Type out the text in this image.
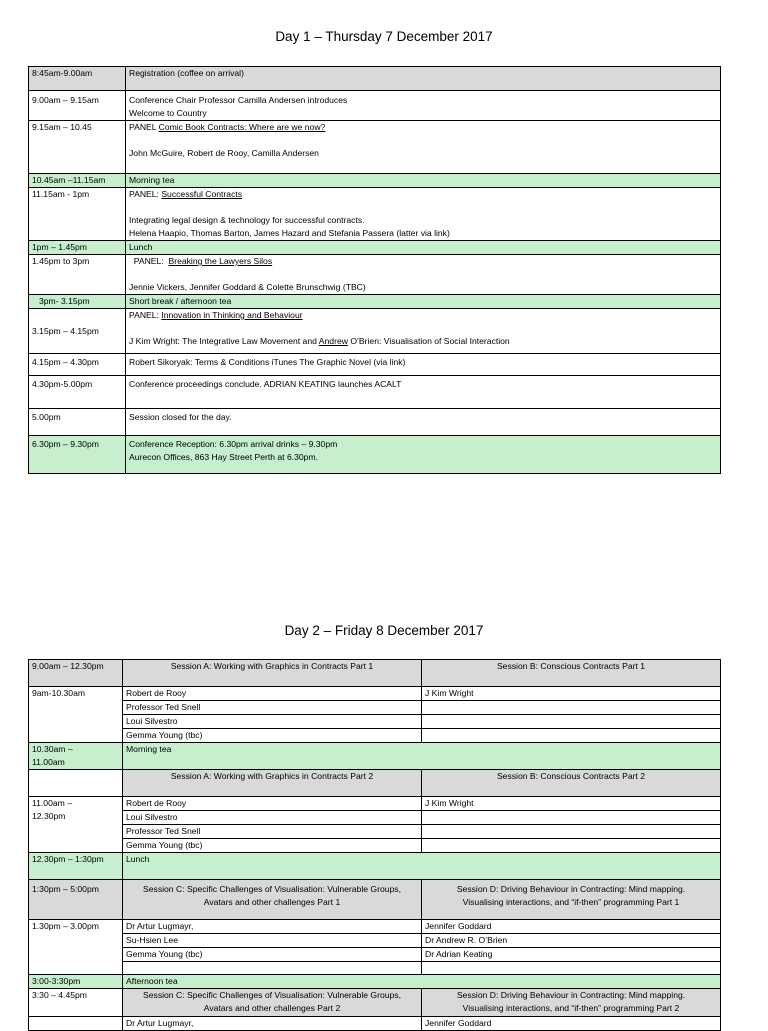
Day 1 – Thursday 7 December 2017
8:45am-9.00am	Registration (coffee on arrival)

9.00am – 9.15am	Conference Chair Professor Camilla Andersen introduces
Welcome to Country

9.15am – 10.45	PANEL Comic Book Contracts: Where are we now?
John McGuire, Robert de Rooy, Camilla Andersen

10.45am –11.15am	Morning tea
11.15am - 1pm	PANEL: Successful Contracts
Integrating legal design & technology for successful contracts.
Helena Haapio, Thomas Barton, James Hazard and Stefania Passera (latter via link)

1pm – 1.45pm	Lunch
1.45pm to 3pm	PANEL:  Breaking the Lawyers Silos
Jennie Vickers, Jennifer Goddard & Colette Brunschwig (TBC)

3pm- 3.15pm	Short break / afternoon tea
3.15pm – 4.15pm	PANEL: Innovation in Thinking and Behaviour
J Kim Wright: The Integrative Law Movement and Andrew O’Brien: Visualisation of Social Interaction

4.15pm – 4.30pm	Robert Sikoryak: Terms & Conditions iTunes The Graphic Novel (via link)
4.30pm-5.00pm	Conference proceedings conclude. ADRIAN KEATING launches ACALT
5.00pm	Session closed for the day.
6.30pm – 9.30pm	Conference Reception: 6.30pm arrival drinks – 9.30pm
Aurecon Offices, 863 Hay Street Perth at 6.30pm.
Day 2 – Friday 8 December 2017
9.00am – 12.30pm	Session A: Working with Graphics in Contracts Part 1	Session B: Conscious Contracts Part 1
9am-10.30am	Robert de Rooy	J Kim Wright
	Professor Ted Snell	
	Loui Silvestro	
	Gemma Young (tbc)	

10.30am –
11.00am	Morning tea	
	Session A: Working with Graphics in Contracts Part 2	Session B: Conscious Contracts Part 2

11.00am –
12.30pm	Robert de Rooy	J Kim Wright
	Loui Silvestro	
	Professor Ted Snell	
	Gemma Young (tbc)	
12.30pm – 1:30pm	Lunch	
1:30pm – 5:00pm	Session C: Specific Challenges of Visualisation: Vulnerable Groups,
Avatars and other challenges Part 1	Session D: Driving Behaviour in Contracting: Mind mapping.
Visualising interactions, and “if-then” programming Part 1

1.30pm – 3.00pm	Dr Artur Lugmayr,	Jennifer Goddard
	Su-Hsien Lee	Dr Andrew R. O’Brien
	Gemma Young (tbc)	Dr Adrian Keating

3:00-3:30pm	Afternoon tea	
3:30 – 4.45pm	Session C: Specific Challenges of Visualisation: Vulnerable Groups,
Avatars and other challenges Part 2	Session D: Driving Behaviour in Contracting: Mind mapping.
Visualising interactions, and “if-then” programming Part 2

	Dr Artur Lugmayr,	Jennifer Goddard
